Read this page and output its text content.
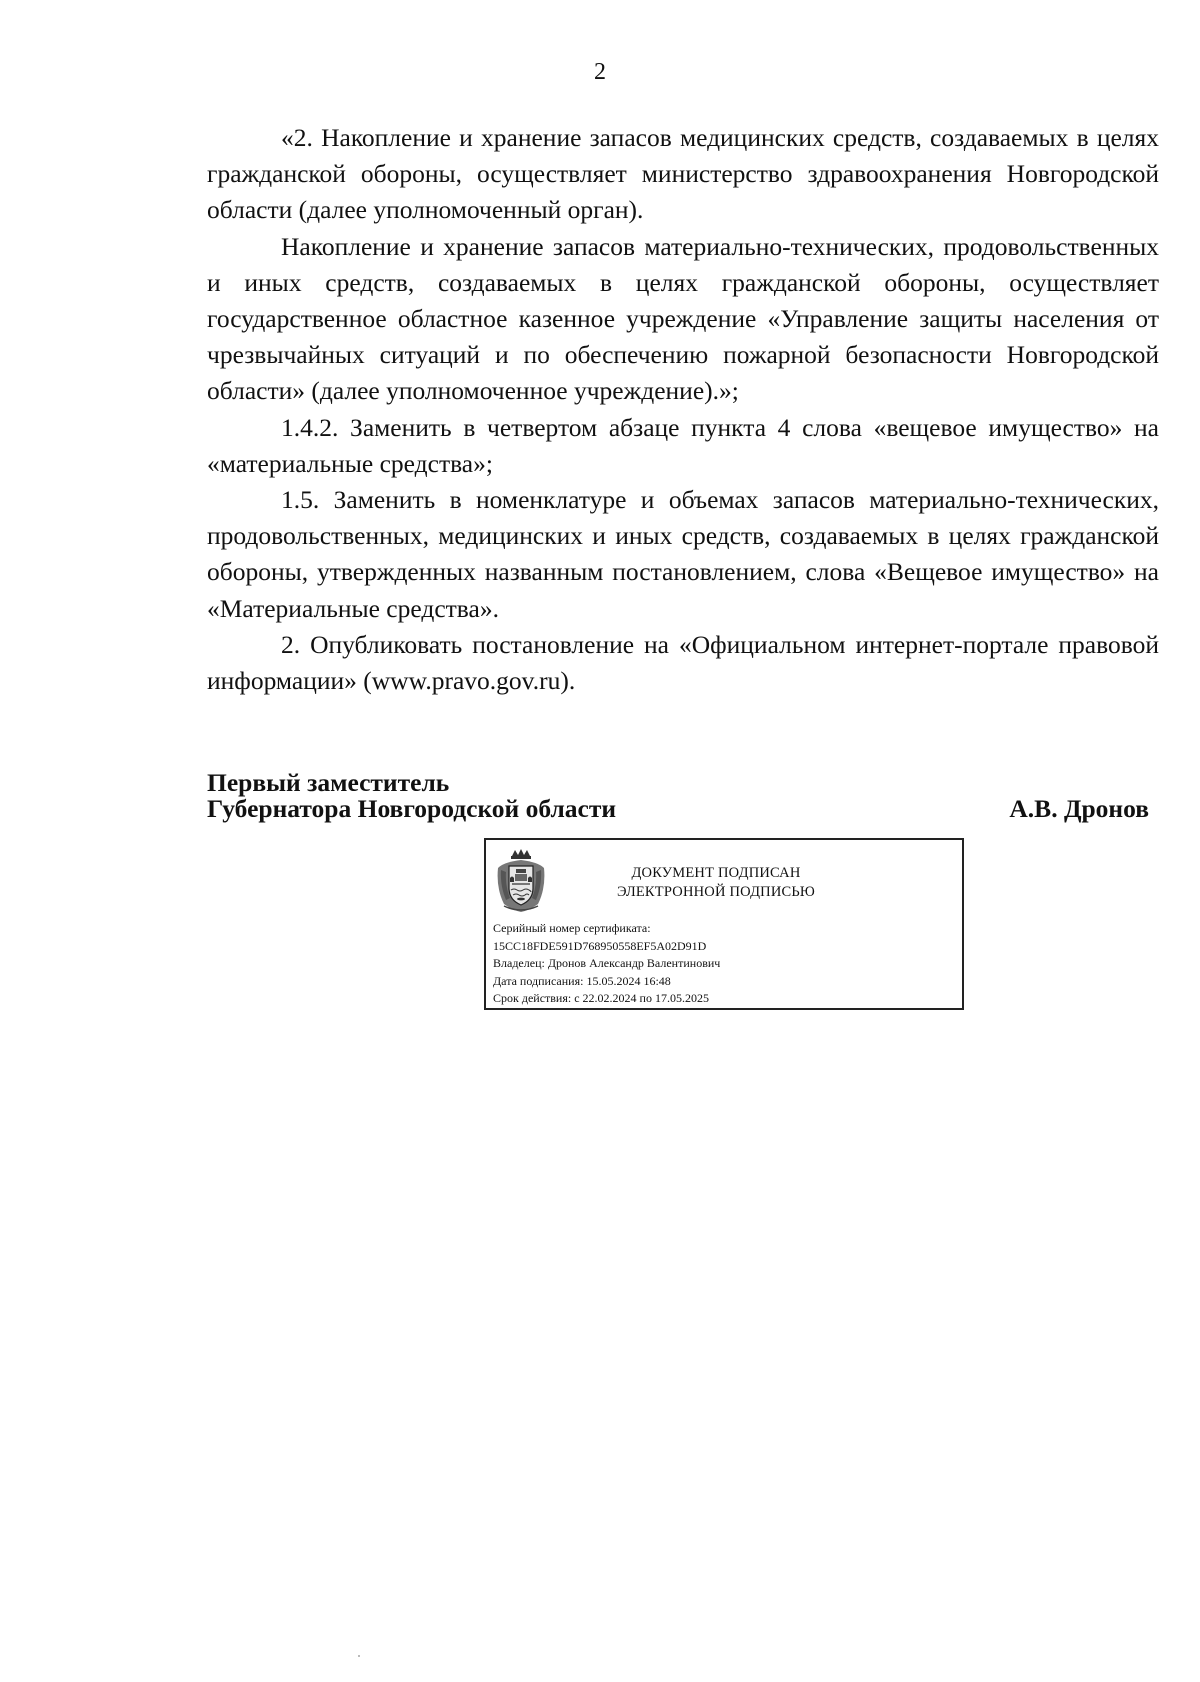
2

«2. Накопление и хранение запасов медицинских средств, создаваемых в целях гражданской обороны, осуществляет министерство здравоохранения Новгородской области (далее уполномоченный орган).

Накопление и хранение запасов материально-технических, продовольственных и иных средств, создаваемых в целях гражданской обороны, осуществляет государственное областное казенное учреждение «Управление защиты населения от чрезвычайных ситуаций и по обеспечению пожарной безопасности Новгородской области» (далее уполномоченное учреждение).»;

1.4.2. Заменить в четвертом абзаце пункта 4 слова «вещевое имущество» на «материальные средства»;

1.5. Заменить в номенклатуре и объемах запасов материально-технических, продовольственных, медицинских и иных средств, создаваемых в целях гражданской обороны, утвержденных названным постановлением, слова «Вещевое имущество» на «Материальные средства».

2. Опубликовать постановление на «Официальном интернет-портале правовой информации» (www.pravo.gov.ru).

Первый заместитель
Губернатора Новгородской области	А.В. Дронов
ДОКУМЕНТ ПОДПИСАН
ЭЛЕКТРОННОЙ ПОДПИСЬЮ
Серийный номер сертификата:
15CC18FDE591D768950558EF5A02D91D
Владелец: Дронов Александр Валентинович
Дата подписания: 15.05.2024 16:48
Срок действия: с 22.02.2024 по 17.05.2025
